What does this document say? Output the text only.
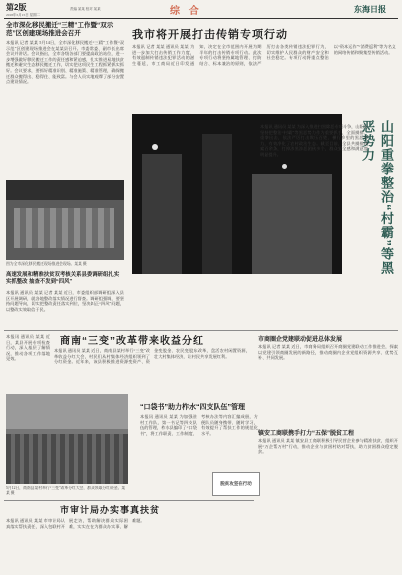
第2版
2018年5月15日 星期二
责编 某某 校对 某某	综 合	东海日报
全市深化移民搬迁“三精”工作暨“双示范”区创建现场推进会召开
本报讯 记者 某某 5月14日，全市深化移民搬迁“三精”工作暨“双示范”区创建现场推进会在某某县召开。市委常委、副市长出席会议并讲话。会议指出，全市各级各部门要提高政治站位，进一步增强做好移民搬迁工作的责任感和紧迫感，扎实推进易地扶贫搬迁和避灾生态移民搬迁工作，切实把这项民生工程抓紧抓实抓好。会议要求，要抓好精准识别、精准施策、精准管理，确保搬迁群众搬得出、稳得住、能致富。与会人员实地观摩了部分安置点建设情况。
图为全市深化移民搬迁现场推进会现场。某某 摄
高速发展和精准扶贫双考核关系县委调研组扎实实抓整改 抽查不发到“四风”
本报讯 通讯员 某某 记者 某某 近日，市委组织部调研组深入县区开展调研，就各地整改落实情况进行督查。调研组强调，要坚持问题导向，切实把整改责任落实到位，坚决纠正“四风”问题，以整改实效取信于民。
我市将开展打击传销专项行动
本报讯 记者 某某 通讯员 某某 为进一步加大打击传销工作力度，有效遏制传销违法犯罪活动的滋生蔓延，市工商局近日印发通知，决定在全市范围内开展为期半年的打击传销专项行动。此次专项行动将坚持属地管理、打防结合、标本兼治的原则，依法严厉打击各类传销违法犯罪行为，切实维护人民群众的财产安全和社会稳定。专项行动将重点整治以“资本运作”“消费返利”等为名义的网络传销和聚集型传销活动。
山阳重拳整治“村霸”等黑恶势力
本报讯 通讯员 某某 为深入推进扫黑除恶专项斗争，山阳县坚持把整治“村霸”等黑恶势力作为重要抓手，全面摸排、重拳出击，依法严厉打击欺压百姓、横行乡里的黑恶势力，有效净化了农村政治生态。截至目前，全县共摸排线索百余条，打掉涉黑涉恶团伙多个，群众安全感和满意度明显提升。
本报讯 通讯员 某某 近日，某县开展专项检查行动，深入基层了解情况，推动各项工作落地见效。
商南“三变”改革带来收益分红
本报讯 通讯员 某某 近日，商南县某村举行“三变”改革收益分红大会，村民们从村集体经济组织领到了分红资金。近年来，该县积极推进资源变资产、资金变股金、农民变股东改革，盘活农村闲置资源，壮大村集体经济，让村民共享发展红利。
市商圈企党建联动促进总体发展
本报讯 记者 某某 近日，市商务局组织召开商圈党建联动工作推进会，探索以党建引领商圈发展的新路径，推动商圈内企业党组织资源共享、优势互补、共同发展。
5月12日，商南县某村举行“三变”改革分红大会，群众领取分红资金。某某 摄
“口袋书”助力柞水“四支队伍”管理
本报讯 通讯员 某某 为加强驻村工作队、第一书记等四支队伍的管理，柞水县编印了“口袋书”，将工作职责、工作制度、考核办法等内容汇编成册，方便队员随身携带、随时学习，有效提升了帮扶工作的规范化水平。
脱贫攻坚在行动
镇安工商联携手打力“五保”脱贫工程
本报讯 通讯员 某某 镇安县工商联积极引导民营企业参与精准扶贫，组织开展“万企帮万村”行动，推动企业与贫困村结对帮扶，助力贫困群众稳定脱贫。
市审计局办实事真扶贫
本报讯 通讯员 某某 市审计局认真落实帮扶责任，深入包联村开展走访，帮助解决群众实际困难，实实在在为群众办实事、解难题。
